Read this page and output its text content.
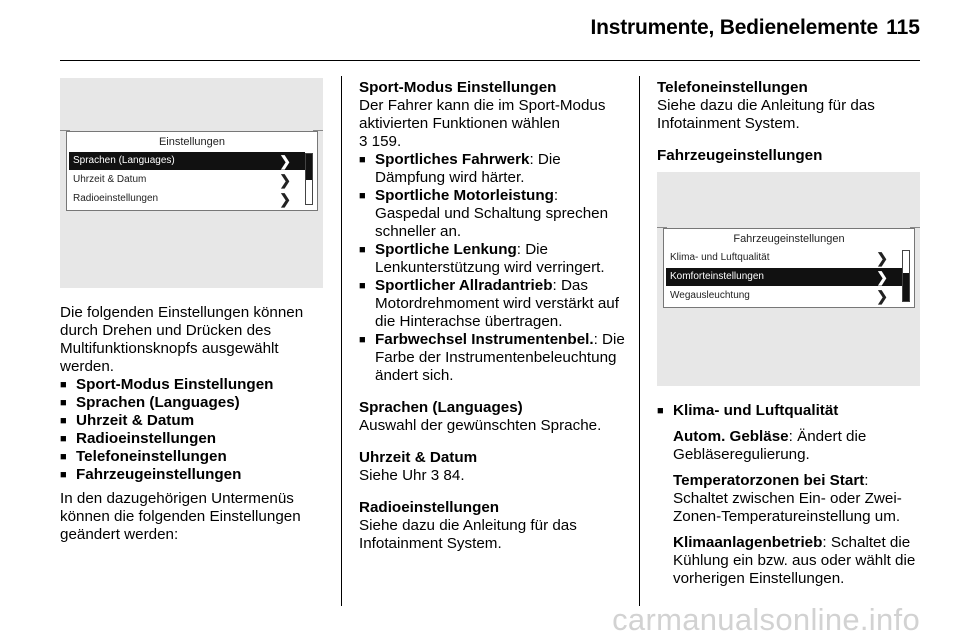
Instrumente, Bedienelemente 115
Einstellungen
Sprachen (Languages)	❯
Uhrzeit & Datum	❯
Radioeinstellungen	❯

Die folgenden Einstellungen können durch Drehen und Drücken des Multifunktionsknopfs ausgewählt werden.

■ Sport-Modus Einstellungen

■ Sprachen (Languages)

■ Uhrzeit & Datum

■ Radioeinstellungen

■ Telefoneinstellungen

■ Fahrzeugeinstellungen

In den dazugehörigen Untermenüs können die folgenden Einstellungen geändert werden:

Sport-Modus Einstellungen

Der Fahrer kann die im Sport-Modus aktivierten Funktionen wählen

3 159.

■ Sportliches Fahrwerk: Die Dämpfung wird härter.

■ Sportliche Motorleistung: Gaspedal und Schaltung sprechen schneller an.

■ Sportliche Lenkung: Die Lenkunterstützung wird verringert.

■ Sportlicher Allradantrieb: Das Motordrehmoment wird verstärkt auf die Hinterachse übertragen.

■ Farbwechsel Instrumentenbel.: Die Farbe der Instrumentenbeleuchtung ändert sich.

Sprachen (Languages)

Auswahl der gewünschten Sprache.

Uhrzeit & Datum

Siehe Uhr 3 84.

Radioeinstellungen

Siehe dazu die Anleitung für das Infotainment System.

Telefoneinstellungen

Siehe dazu die Anleitung für das Infotainment System.

Fahrzeugeinstellungen

Fahrzeugeinstellungen
Klima- und Luftqualität	❯
Komforteinstellungen	❯
Wegausleuchtung	❯

■ Klima- und Luftqualität

Autom. Gebläse: Ändert die Gebläseregulierung.

Temperatorzonen bei Start: Schaltet zwischen Ein- oder Zwei-Zonen-Temperatureinstellung um.

Klimaanlagenbetrieb: Schaltet die Kühlung ein bzw. aus oder wählt die vorherigen Einstellungen.

carmanualsonline.info
